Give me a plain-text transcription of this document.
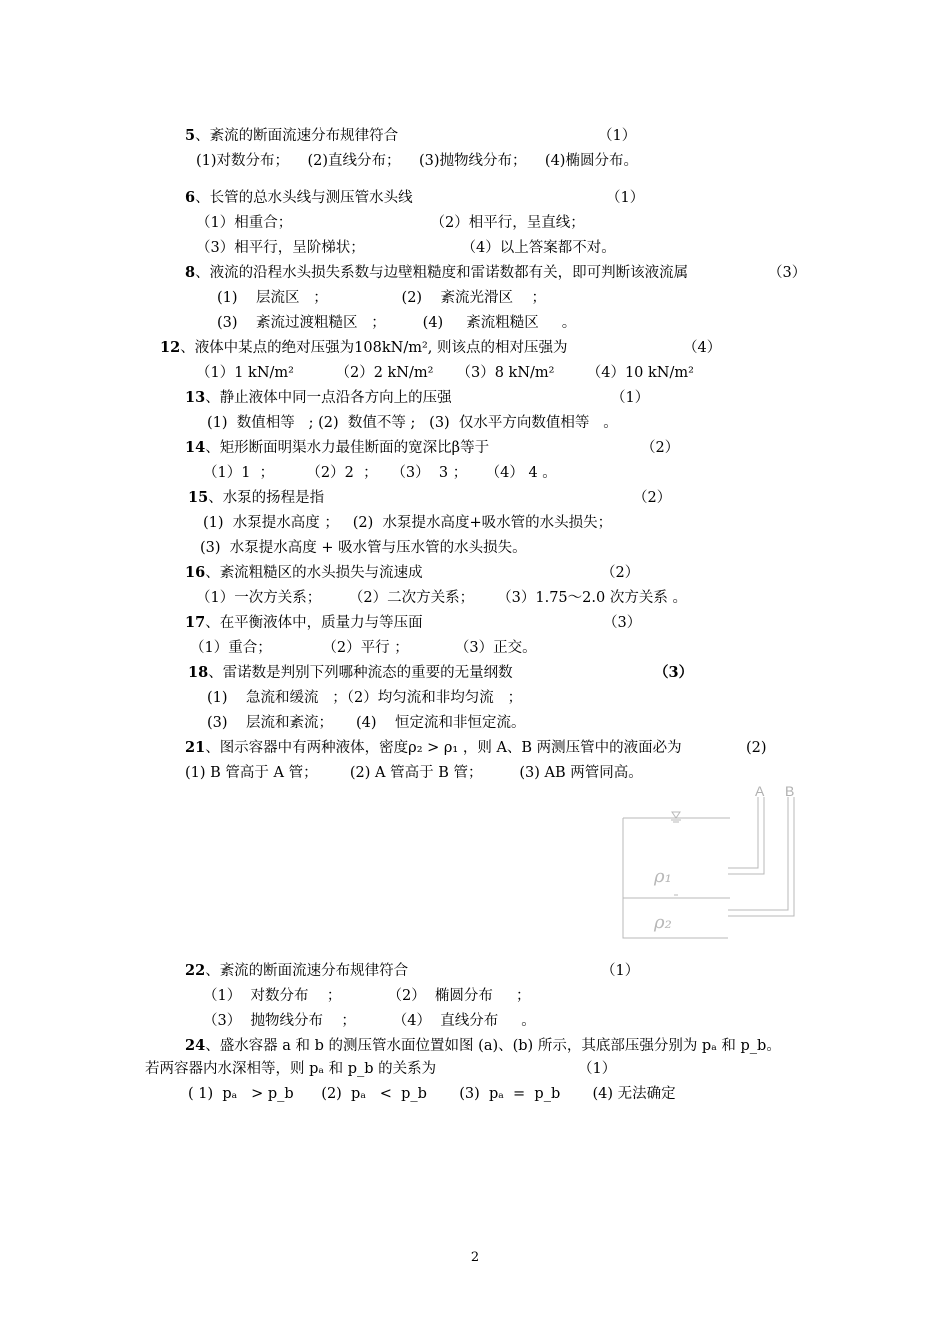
5、紊流的断面流速分布规律符合	（1）
(1)对数分布；    (2)直线分布；    (3)抛物线分布；    (4)椭圆分布。
6、长管的总水头线与测压管水头线	（1）
（1）相重合；                              （2）相平行，呈直线；
（3）相平行，呈阶梯状；                     （4）以上答案都不对。
8、液流的沿程水头损失系数与边壁粗糙度和雷诺数都有关，即可判断该液流属	（3）
(1)    层流区   ；                (2)    紊流光滑区    ；
(3)    紊流过渡粗糙区   ；        (4)     紊流粗糙区     。
12、液体中某点的绝对压强为108kN/m², 则该点的相对压强为	（4）
（1）1 kN/m²         （2）2 kN/m²     （3）8 kN/m²       （4）10 kN/m²
13、静止液体中同一点沿各方向上的压强	（1）
(1)  数值相等   ; (2)  数值不等 ;   (3)  仅水平方向数值相等   。
14、矩形断面明渠水力最佳断面的宽深比β等于	（2）
（1）1  ；       （2）2  ；   （3）  3 ；    （4） 4 。
15、水泵的扬程是指	（2）
(1)  水泵提水高度 ；   (2)  水泵提水高度+吸水管的水头损失；
(3)  水泵提水高度 + 吸水管与压水管的水头损失。
16、紊流粗糙区的水头损失与流速成	（2）
（1）一次方关系；      （2）二次方关系；     （3）1.75～2.0 次方关系 。
17、在平衡液体中，质量力与等压面	（3）
（1）重合；           （2）平行 ；          （3）正交。
18、雷诺数是判别下列哪种流态的重要的无量纲数	（3）
(1)    急流和缓流   ；（2）均匀流和非均匀流   ；
(3)    层流和紊流；     (4)    恒定流和非恒定流。
21、图示容器中有两种液体，密度ρ₂ > ρ₁ ，则 A、B 两测压管中的液面必为	(2)
(1) B 管高于 A 管；       (2) A 管高于 B 管；        (3) AB 两管同高。
A B
ρ₁
ρ₂
22、紊流的断面流速分布规律符合	（1）
（1）  对数分布    ；          （2）  椭圆分布     ；
（3）  抛物线分布    ；        （4）  直线分布     。
24、盛水容器 a 和 b 的测压管水面位置如图 (a)、(b) 所示，其底部压强分别为 pₐ 和 p_b。
若两容器内水深相等，则 pₐ 和 p_b 的关系为	（1）
( 1)  pₐ   > p_b      (2)  pₐ   <  p_b       (3)  pₐ  =  p_b       (4) 无法确定
2
